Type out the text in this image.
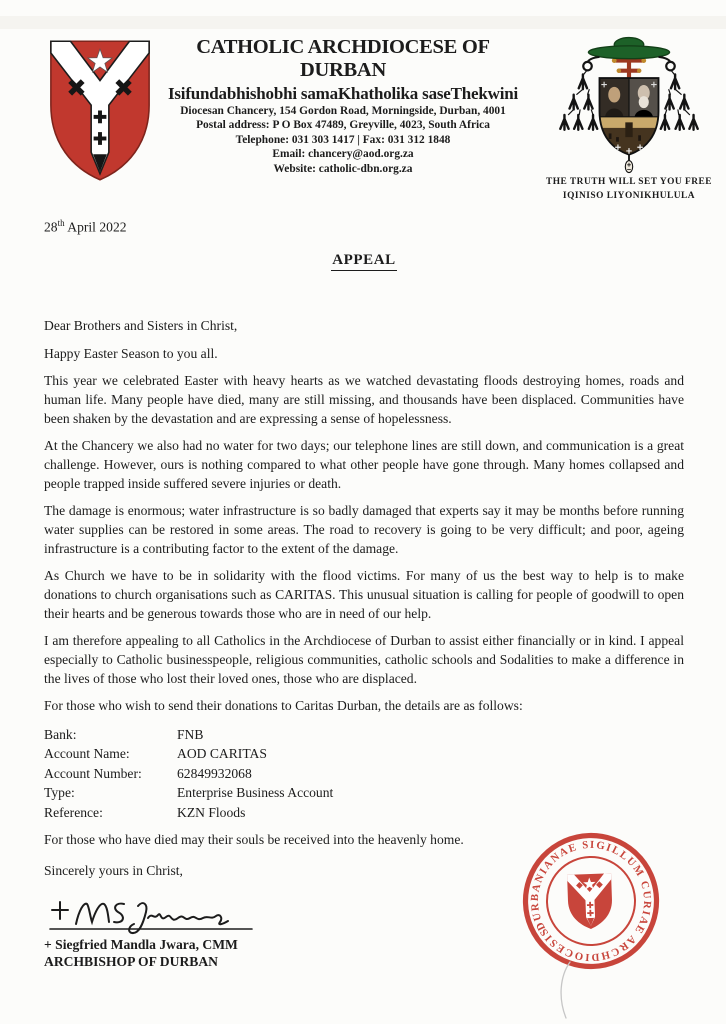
CATHOLIC ARCHDIOCESE OF DURBAN
Isifundabhishobhi samaKhatholika saseThekwini
Diocesan Chancery, 154 Gordon Road, Morningside, Durban, 4001
Postal address: P O Box 47489, Greyville, 4023, South Africa
Telephone: 031 303 1417 | Fax: 031 312 1848
Email: chancery@aod.org.za
Website: catholic-dbn.org.za
THE TRUTH WILL SET YOU FREE
IQINISO LIYONIKHULULA
28th April 2022
APPEAL

Dear Brothers and Sisters in Christ,

Happy Easter Season to you all.

This year we celebrated Easter with heavy hearts as we watched devastating floods destroying homes, roads and human life. Many people have died, many are still missing, and thousands have been displaced. Communities have been shaken by the devastation and are expressing a sense of hopelessness.

At the Chancery we also had no water for two days; our telephone lines are still down, and communication is a great challenge. However, ours is nothing compared to what other people have gone through. Many homes collapsed and people trapped inside suffered severe injuries or death.

The damage is enormous; water infrastructure is so badly damaged that experts say it may be months before running water supplies can be restored in some areas. The road to recovery is going to be very difficult; and poor, ageing infrastructure is a contributing factor to the extent of the damage.

As Church we have to be in solidarity with the flood victims. For many of us the best way to help is to make donations to church organisations such as CARITAS. This unusual situation is calling for people of goodwill to open their hearts and be generous towards those who are in need of our help.

I am therefore appealing to all Catholics in the Archdiocese of Durban to assist either financially or in kind. I appeal especially to Catholic businesspeople, religious communities, catholic schools and Sodalities to make a difference in the lives of those who lost their loved ones, those who are displaced.

For those who wish to send their donations to Caritas Durban, the details are as follows:

Bank:	FNB
Account Name:	AOD CARITAS
Account Number:	62849932068
Type:	Enterprise Business Account
Reference:	KZN Floods

For those who have died may their souls be received into the heavenly home.

Sincerely yours in Christ,

+ Siegfried Mandla Jwara, CMM
ARCHBISHOP OF DURBAN
DURBANIANAE SIGILLUM CURIAE ARCHDIOCESIS
